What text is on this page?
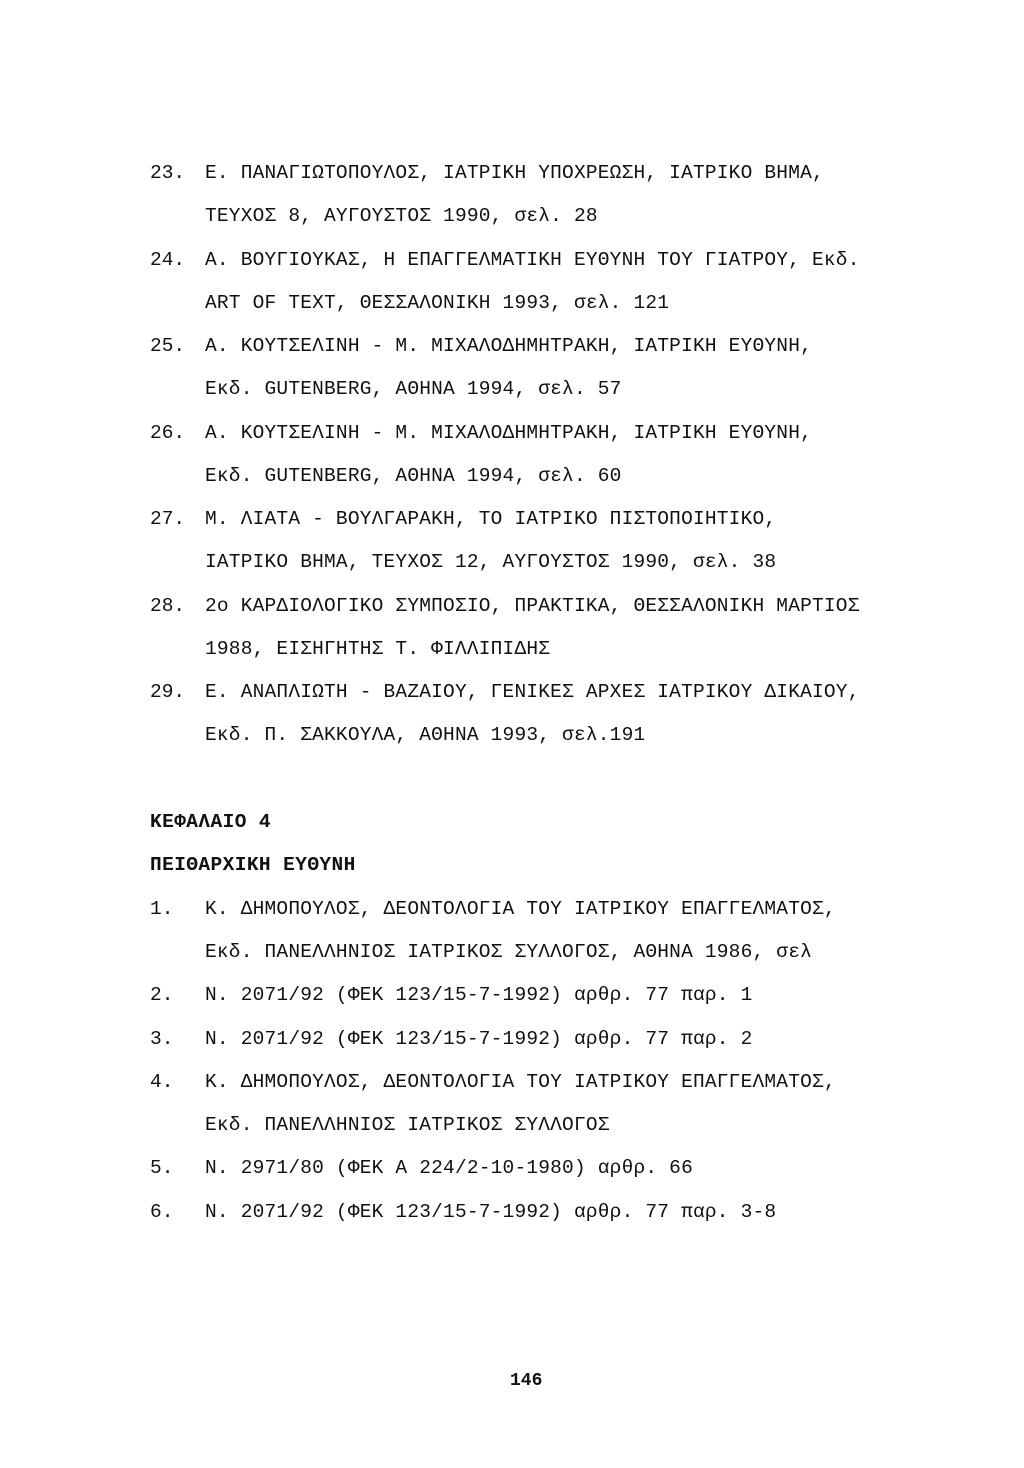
23. Ε. ΠΑΝΑΓΙΩΤΟΠΟΥΛΟΣ, ΙΑΤΡΙΚΗ ΥΠΟΧΡΕΩΣΗ, ΙΑΤΡΙΚΟ ΒΗΜΑ,
ΤΕΥΧΟΣ 8, ΑΥΓΟΥΣΤΟΣ 1990, σελ. 28
24. Α. ΒΟΥΓΙΟΥΚΑΣ, Η ΕΠΑΓΓΕΛΜΑΤΙΚΗ ΕΥΘΥΝΗ ΤΟΥ ΓΙΑΤΡΟΥ, Εκδ.
ART OF TEXT, ΘΕΣΣΑΛΟΝΙΚΗ 1993, σελ. 121
25. Α. ΚΟΥΤΣΕΛΙΝΗ - Μ. ΜΙΧΑΛΟΔΗΜΗΤΡΑΚΗ, ΙΑΤΡΙΚΗ ΕΥΘΥΝΗ,
Εκδ. GUTENBERG, ΑΘΗΝΑ 1994, σελ. 57
26. Α. ΚΟΥΤΣΕΛΙΝΗ - Μ. ΜΙΧΑΛΟΔΗΜΗΤΡΑΚΗ, ΙΑΤΡΙΚΗ ΕΥΘΥΝΗ,
Εκδ. GUTENBERG, ΑΘΗΝΑ 1994, σελ. 60
27. Μ. ΛΙΑΤΑ - ΒΟΥΛΓΑΡΑΚΗ, ΤΟ ΙΑΤΡΙΚΟ ΠΙΣΤΟΠΟΙΗΤΙΚΟ,
ΙΑΤΡΙΚΟ ΒΗΜΑ, ΤΕΥΧΟΣ 12, ΑΥΓΟΥΣΤΟΣ 1990, σελ. 38
28. 2ο ΚΑΡΔΙΟΛΟΓΙΚΟ ΣΥΜΠΟΣΙΟ, ΠΡΑΚΤΙΚΑ, ΘΕΣΣΑΛΟΝΙΚΗ ΜΑΡΤΙΟΣ
1988, ΕΙΣΗΓΗΤΗΣ Τ. ΦΙΛΛΙΠΙΔΗΣ
29. Ε. ΑΝΑΠΛΙΩΤΗ - ΒΑΖΑΙΟΥ, ΓΕΝΙΚΕΣ ΑΡΧΕΣ ΙΑΤΡΙΚΟΥ ΔΙΚΑΙΟΥ,
Εκδ. Π. ΣΑΚΚΟΥΛΑ, ΑΘΗΝΑ 1993, σελ.191
ΚΕΦΑΛΑΙΟ 4
ΠΕΙΘΑΡΧΙΚΗ ΕΥΘΥΝΗ
1. Κ. ΔΗΜΟΠΟΥΛΟΣ, ΔΕΟΝΤΟΛΟΓΙΑ ΤΟΥ ΙΑΤΡΙΚΟΥ ΕΠΑΓΓΕΛΜΑΤΟΣ,
Εκδ. ΠΑΝΕΛΛΗΝΙΟΣ ΙΑΤΡΙΚΟΣ ΣΥΛΛΟΓΟΣ, ΑΘΗΝΑ 1986, σελ
2. Ν. 2071/92 (ΦΕΚ 123/15-7-1992) αρθρ. 77 παρ. 1
3. Ν. 2071/92 (ΦΕΚ 123/15-7-1992) αρθρ. 77 παρ. 2
4. Κ. ΔΗΜΟΠΟΥΛΟΣ, ΔΕΟΝΤΟΛΟΓΙΑ ΤΟΥ ΙΑΤΡΙΚΟΥ ΕΠΑΓΓΕΛΜΑΤΟΣ,
Εκδ. ΠΑΝΕΛΛΗΝΙΟΣ ΙΑΤΡΙΚΟΣ ΣΥΛΛΟΓΟΣ
5. Ν. 2971/80 (ΦΕΚ Α 224/2-10-1980) αρθρ. 66
6. Ν. 2071/92 (ΦΕΚ 123/15-7-1992) αρθρ. 77 παρ. 3-8
146
